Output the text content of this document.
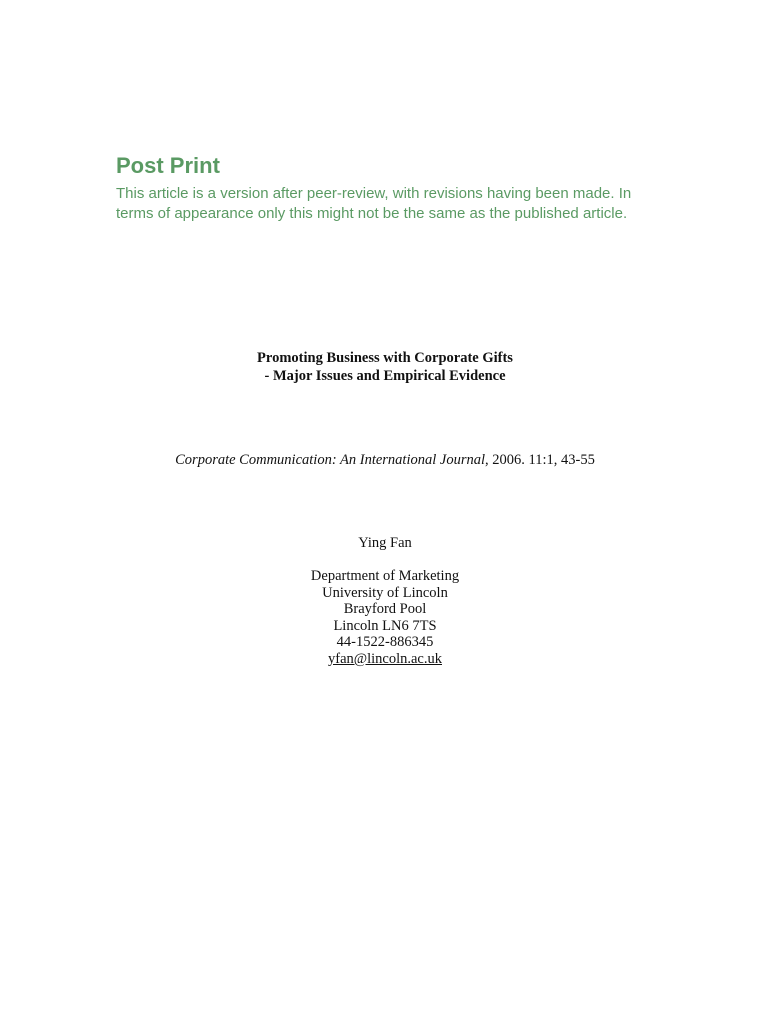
Post Print
This article is a version after peer-review, with revisions having been made. In
terms of appearance only this might not be the same as the published article.
Promoting Business with Corporate Gifts
- Major Issues and Empirical Evidence
Corporate Communication: An International Journal, 2006. 11:1, 43-55
Ying Fan
Department of Marketing
University of Lincoln
Brayford Pool
Lincoln LN6 7TS
44-1522-886345
yfan@lincoln.ac.uk
